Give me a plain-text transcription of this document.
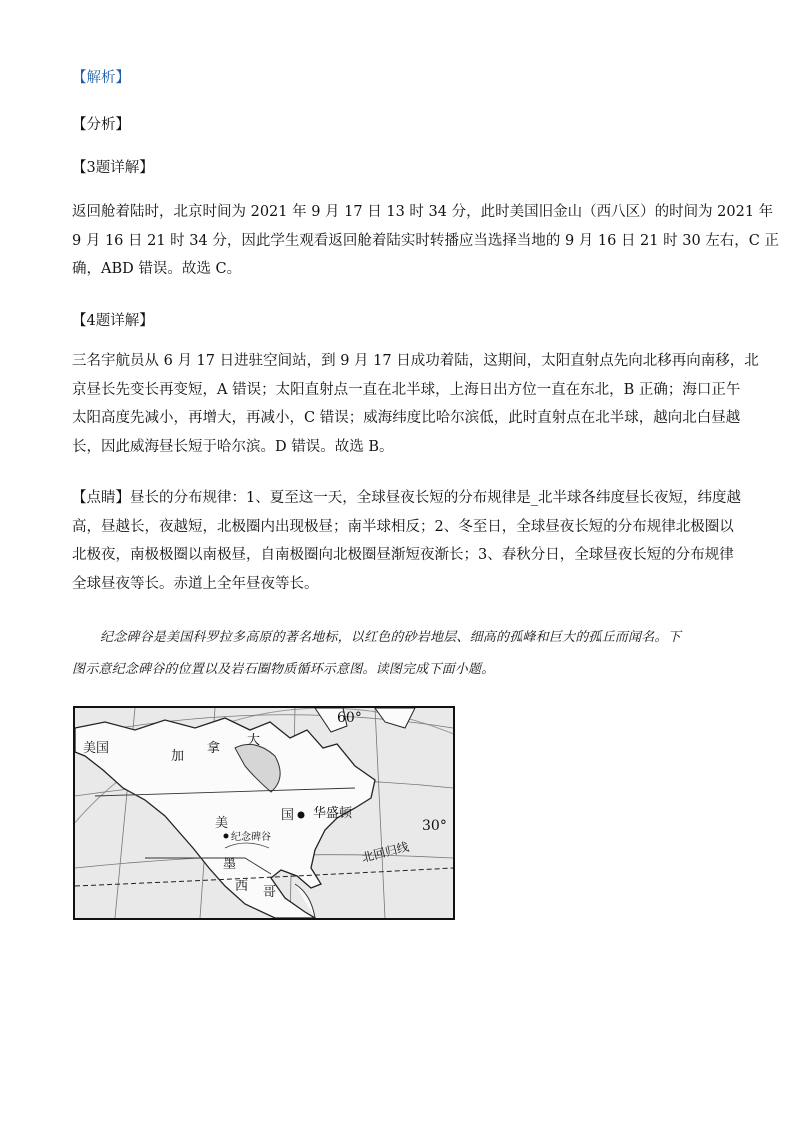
【解析】
【分析】
【3题详解】

返回舱着陆时，北京时间为 2021 年 9 月 17 日 13 时 34 分，此时美国旧金山（西八区）的时间为 2021 年

9 月 16 日 21 时 34 分，因此学生观看返回舱着陆实时转播应当选择当地的 9 月 16 日 21 时 30 左右，C 正

确，ABD 错误。故选 C。

【4题详解】

三名宇航员从 6 月 17 日进驻空间站，到 9 月 17 日成功着陆，这期间，太阳直射点先向北移再向南移，北

京昼长先变长再变短，A 错误；太阳直射点一直在北半球，上海日出方位一直在东北，B 正确；海口正午

太阳高度先减小，再增大，再减小，C 错误；威海纬度比哈尔滨低，此时直射点在北半球，越向北白昼越

长，因此威海昼长短于哈尔滨。D 错误。故选 B。

【点睛】昼长的分布规律：1、夏至这一天，全球昼夜长短的分布规律是_北半球各纬度昼长夜短，纬度越

高，昼越长，夜越短，北极圈内出现极昼；南半球相反；2、冬至日，全球昼夜长短的分布规律北极圈以

北极夜，南极极圈以南极昼，自南极圈向北极圈昼渐短夜渐长；3、春秋分日，全球昼夜长短的分布规律

全球昼夜等长。赤道上全年昼夜等长。

纪念碑谷是美国科罗拉多高原的著名地标，以红色的砂岩地层、细高的孤峰和巨大的孤丘而闻名。下

图示意纪念碑谷的位置以及岩石圈物质循环示意图。读图完成下面小题。

60°
30°
美国
加
拿
大
美
国 华盛顿
纪念碑谷
北回归线
墨
西 哥
